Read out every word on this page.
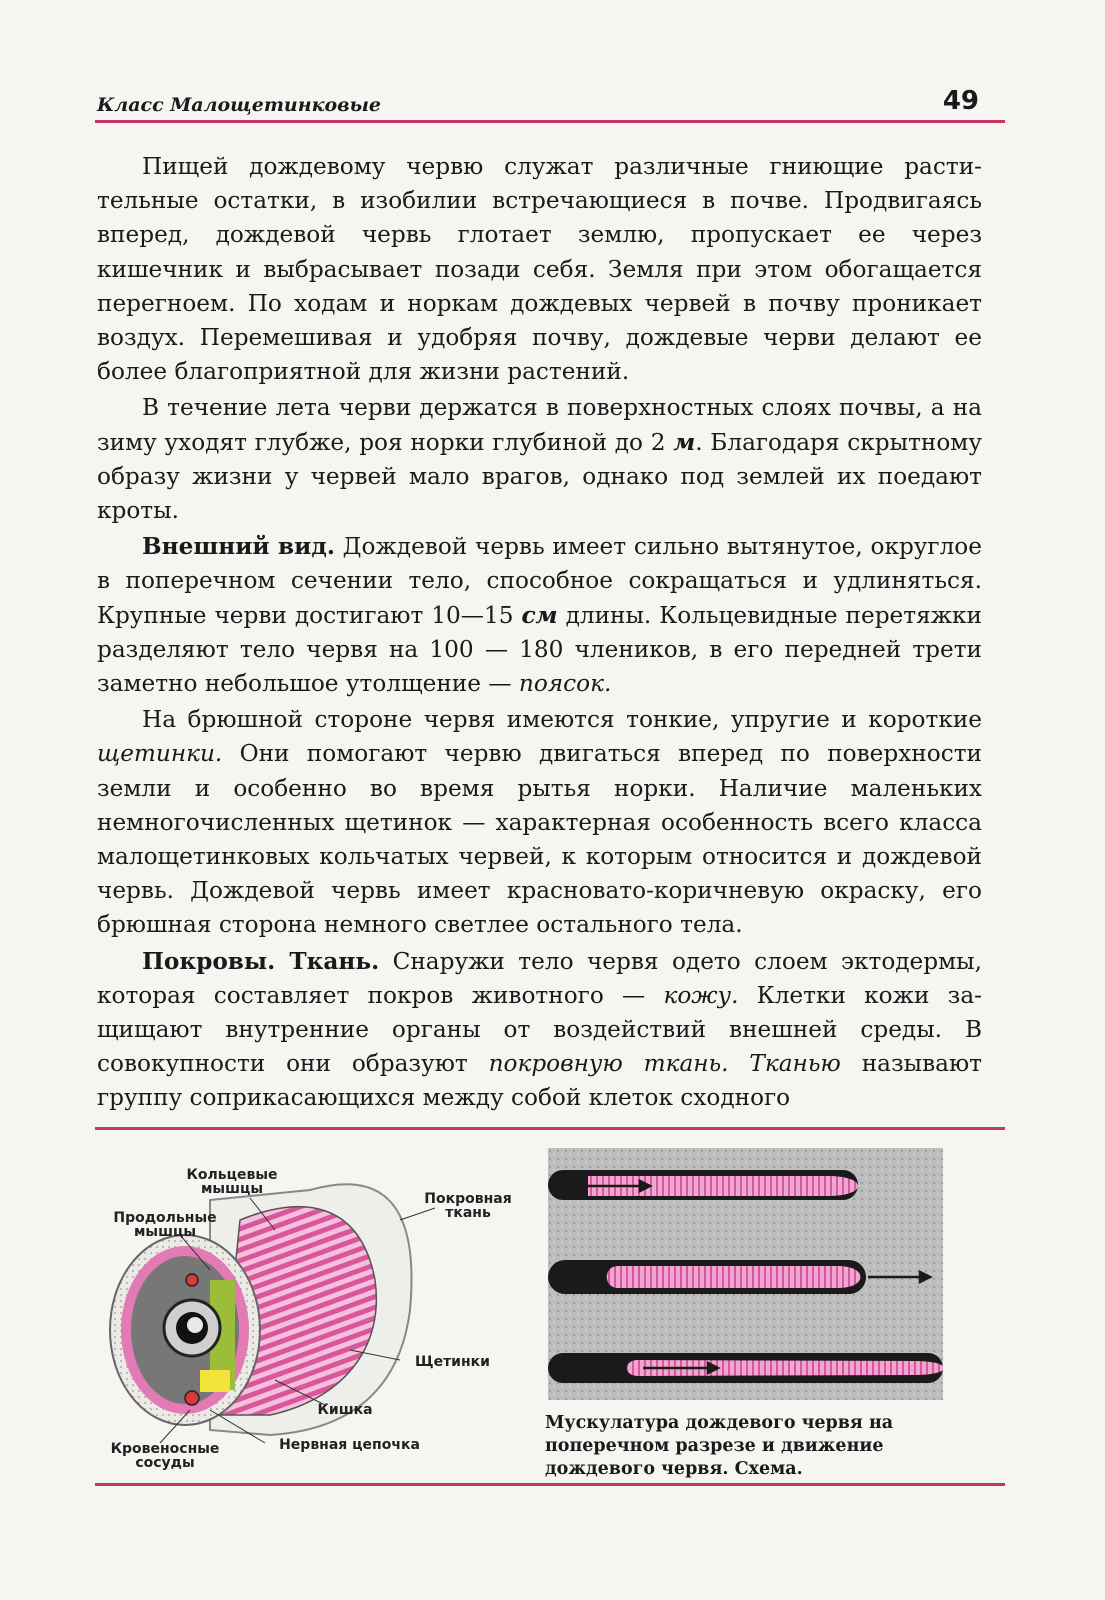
Класс Малощетинковые	49

Пищей дождевому червю служат различные гниющие растительные остатки, в изобилии встречающиеся в почве. Продвигаясь вперед, дождевой червь глотает землю, пропускает ее через кишечник и выбрасывает позади себя. Земля при этом обогащается перегноем. По ходам и норкам дождевых червей в почву проникает воздух. Перемешивая и удобряя почву, дождевые черви делают ее более благоприятной для жизни растений.

В течение лета черви держатся в поверхностных слоях почвы, а на зиму уходят глубже, роя норки глубиной до 2 м. Благодаря скрытному образу жизни у червей мало врагов, однако под землей их поедают кроты.

Внешний вид. Дождевой червь имеет сильно вытянутое, округлое в поперечном сечении тело, способное сокращаться и удлиняться. Крупные черви достигают 10—15 см длины. Кольцевидные перетяжки разделяют тело червя на 100 — 180 члеников, в его передней трети заметно небольшое утолщение — поясок.

На брюшной стороне червя имеются тонкие, упругие и короткие щетинки. Они помогают червю двигаться вперед по поверхности земли и особенно во время рытья норки. Наличие маленьких немногочисленных щетинок — характерная особенность всего класса малощетинковых кольчатых червей, к которым относится и дождевой червь. Дождевой червь имеет красновато-коричневую окраску, его брюшная сторона немного светлее остального тела.

Покровы. Ткань. Снаружи тело червя одето слоем эктодермы, которая составляет покров животного — кожу. Клетки кожи защищают внутренние органы от воздействий внешней среды. В совокупности они образуют покровную ткань. Тканью называют группу соприкасающихся между собой клеток сходного

Кольцевые
мышцы
Продольные
мышцы
Покровная
ткань
Щетинки
Кишка
Кровеносные
сосуды
Нервная цепочка
Мускулатура дождевого червя на
поперечном разрезе и движение
дождевого червя. Схема.
